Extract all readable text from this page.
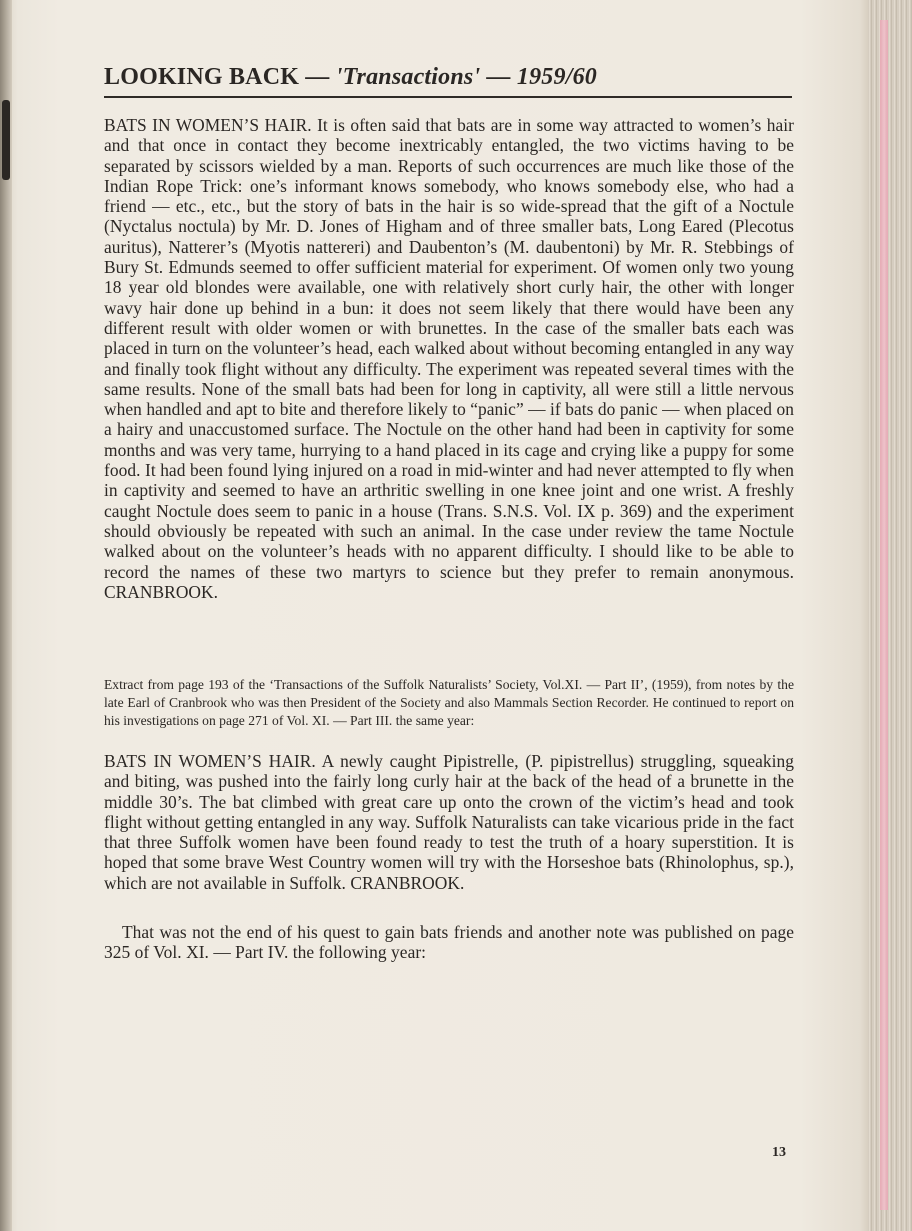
LOOKING BACK — 'Transactions' — 1959/60
BATS IN WOMEN’S HAIR. It is often said that bats are in some way attracted to women’s hair and that once in contact they become inextricably entangled, the two victims having to be separated by scissors wielded by a man. Reports of such occurrences are much like those of the Indian Rope Trick: one’s informant knows somebody, who knows somebody else, who had a friend — etc., etc., but the story of bats in the hair is so wide-spread that the gift of a Noctule (Nyctalus noctula) by Mr. D. Jones of Higham and of three smaller bats, Long Eared (Plecotus auritus), Natterer’s (Myotis nattereri) and Daubenton’s (M. daubentoni) by Mr. R. Stebbings of Bury St. Edmunds seemed to offer sufficient material for experiment. Of women only two young 18 year old blondes were available, one with relatively short curly hair, the other with longer wavy hair done up behind in a bun: it does not seem likely that there would have been any different result with older women or with brunettes. In the case of the smaller bats each was placed in turn on the volunteer’s head, each walked about without becoming entangled in any way and finally took flight without any difficulty. The experiment was repeated several times with the same results. None of the small bats had been for long in captivity, all were still a little nervous when handled and apt to bite and therefore likely to “panic” — if bats do panic — when placed on a hairy and unaccustomed surface. The Noctule on the other hand had been in captivity for some months and was very tame, hurrying to a hand placed in its cage and crying like a puppy for some food. It had been found lying injured on a road in mid-winter and had never attempted to fly when in captivity and seemed to have an arthritic swelling in one knee joint and one wrist. A freshly caught Noctule does seem to panic in a house (Trans. S.N.S. Vol. IX p. 369) and the experiment should obviously be repeated with such an animal. In the case under review the tame Noctule walked about on the volunteer’s heads with no apparent difficulty. I should like to be able to record the names of these two martyrs to science but they prefer to remain anonymous. CRANBROOK.
Extract from page 193 of the ‘Transactions of the Suffolk Naturalists’ Society, Vol.XI. — Part II’, (1959), from notes by the late Earl of Cranbrook who was then President of the Society and also Mammals Section Recorder. He continued to report on his investigations on page 271 of Vol. XI. — Part III. the same year:
BATS IN WOMEN’S HAIR. A newly caught Pipistrelle, (P. pipistrellus) struggling, squeaking and biting, was pushed into the fairly long curly hair at the back of the head of a brunette in the middle 30’s. The bat climbed with great care up onto the crown of the victim’s head and took flight without getting entangled in any way. Suffolk Naturalists can take vicarious pride in the fact that three Suffolk women have been found ready to test the truth of a hoary superstition. It is hoped that some brave West Country women will try with the Horseshoe bats (Rhinolophus, sp.), which are not available in Suffolk. CRANBROOK.
That was not the end of his quest to gain bats friends and another note was published on page 325 of Vol. XI. — Part IV. the following year:
13
